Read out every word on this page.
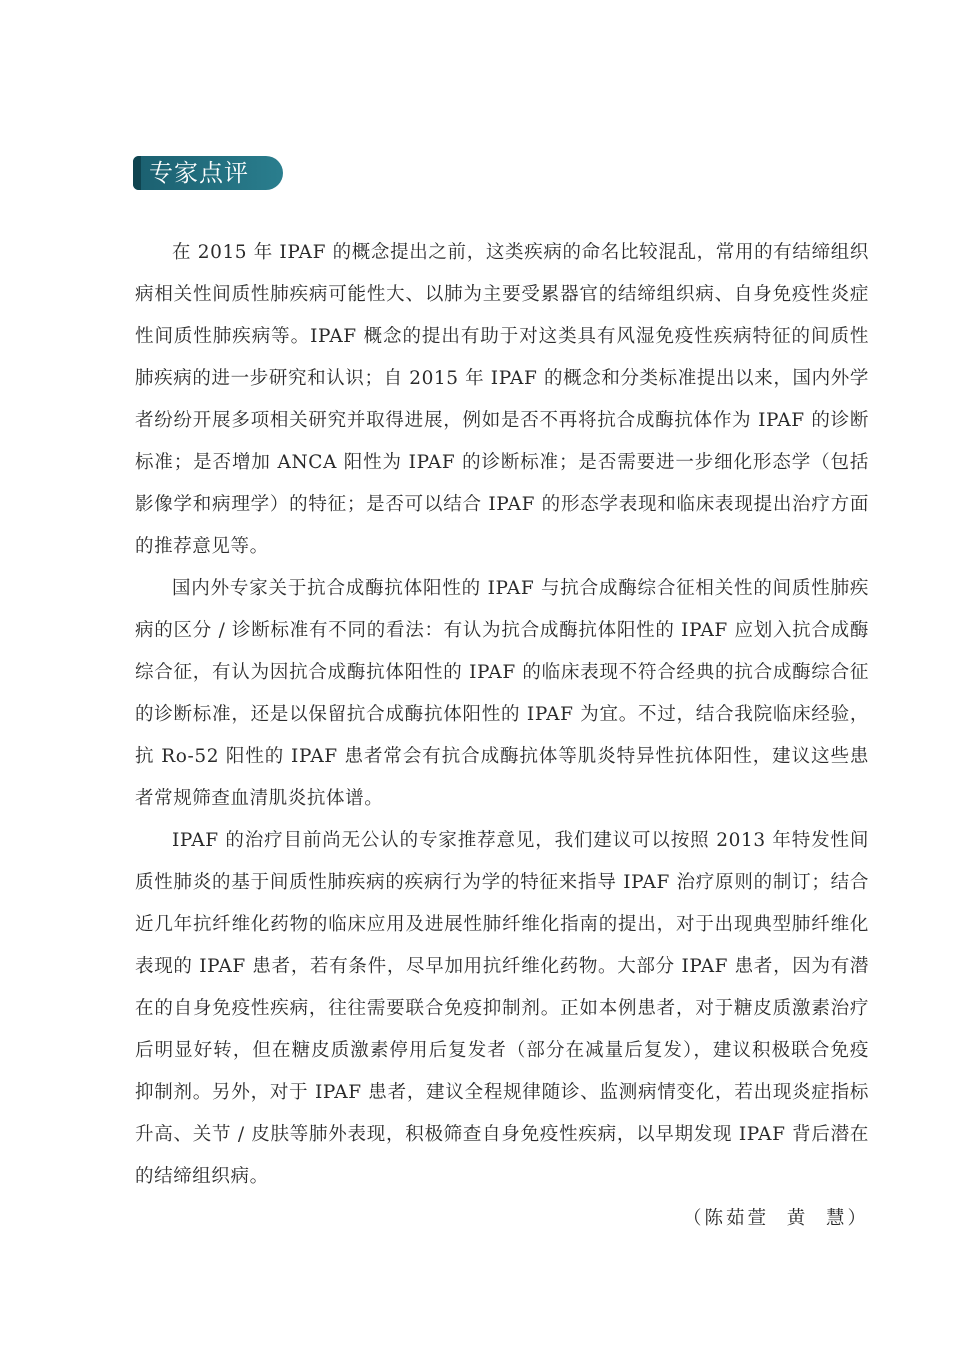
专家点评

在 2015 年 IPAF 的概念提出之前，这类疾病的命名比较混乱，常用的有结缔组织病相关性间质性肺疾病可能性大、以肺为主要受累器官的结缔组织病、自身免疫性炎症性间质性肺疾病等。IPAF 概念的提出有助于对这类具有风湿免疫性疾病特征的间质性肺疾病的进一步研究和认识；自 2015 年 IPAF 的概念和分类标准提出以来，国内外学者纷纷开展多项相关研究并取得进展，例如是否不再将抗合成酶抗体作为 IPAF 的诊断标准；是否增加 ANCA 阳性为 IPAF 的诊断标准；是否需要进一步细化形态学（包括影像学和病理学）的特征；是否可以结合 IPAF 的形态学表现和临床表现提出治疗方面的推荐意见等。

国内外专家关于抗合成酶抗体阳性的 IPAF 与抗合成酶综合征相关性的间质性肺疾病的区分 / 诊断标准有不同的看法：有认为抗合成酶抗体阳性的 IPAF 应划入抗合成酶综合征，有认为因抗合成酶抗体阳性的 IPAF 的临床表现不符合经典的抗合成酶综合征的诊断标准，还是以保留抗合成酶抗体阳性的 IPAF 为宜。不过，结合我院临床经验，抗 Ro-52 阳性的 IPAF 患者常会有抗合成酶抗体等肌炎特异性抗体阳性，建议这些患者常规筛查血清肌炎抗体谱。

IPAF 的治疗目前尚无公认的专家推荐意见，我们建议可以按照 2013 年特发性间质性肺炎的基于间质性肺疾病的疾病行为学的特征来指导 IPAF 治疗原则的制订；结合近几年抗纤维化药物的临床应用及进展性肺纤维化指南的提出，对于出现典型肺纤维化表现的 IPAF 患者，若有条件，尽早加用抗纤维化药物。大部分 IPAF 患者，因为有潜在的自身免疫性疾病，往往需要联合免疫抑制剂。正如本例患者，对于糖皮质激素治疗后明显好转，但在糖皮质激素停用后复发者（部分在减量后复发），建议积极联合免疫抑制剂。另外，对于 IPAF 患者，建议全程规律随诊、监测病情变化，若出现炎症指标升高、关节 / 皮肤等肺外表现，积极筛查自身免疫性疾病，以早期发现 IPAF 背后潜在的结缔组织病。

（陈茹萱  黄  慧）
